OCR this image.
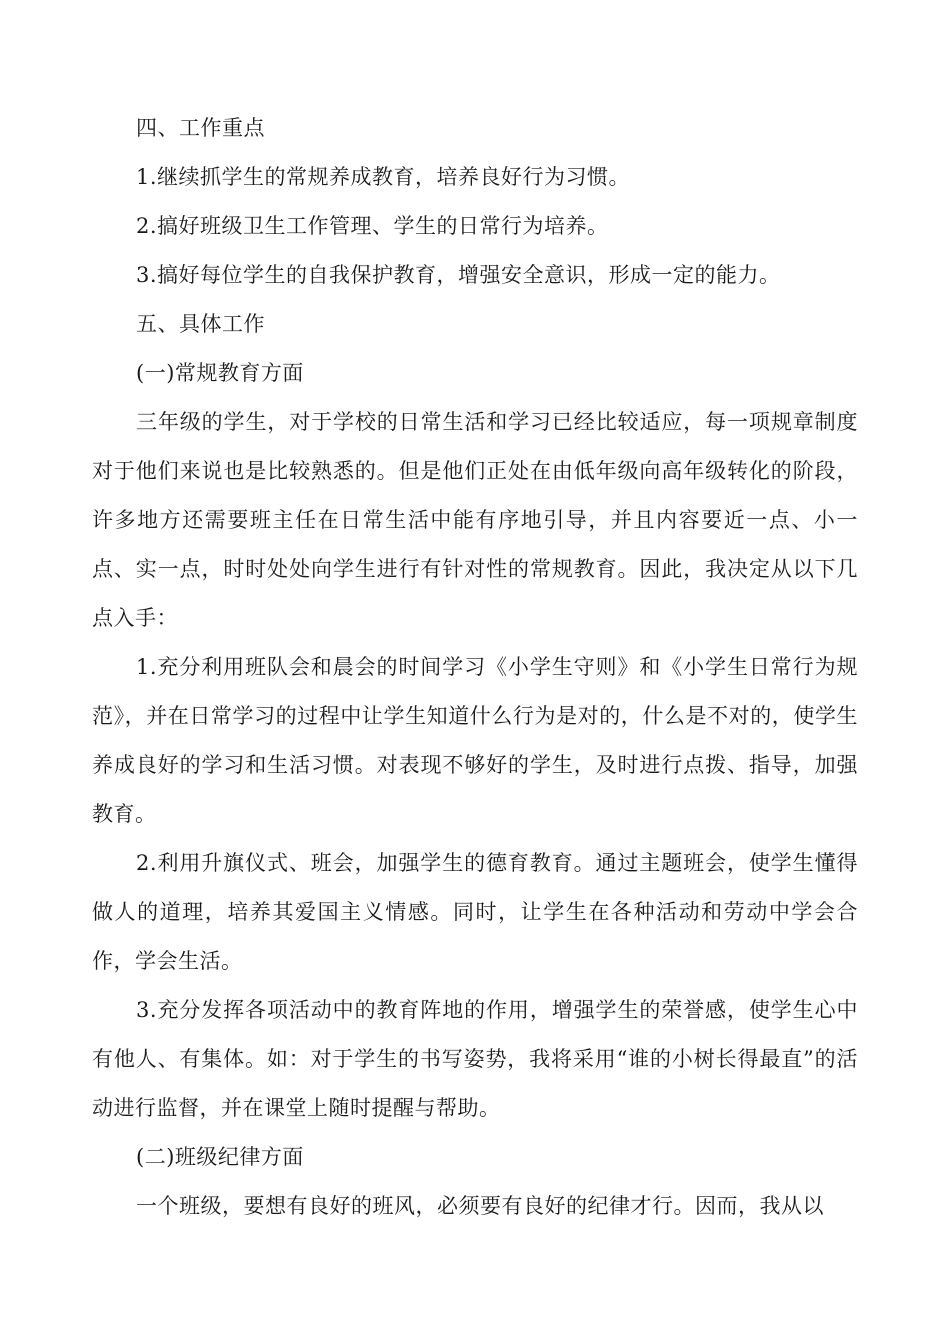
四、工作重点

1.继续抓学生的常规养成教育，培养良好行为习惯。

2.搞好班级卫生工作管理、学生的日常行为培养。

3.搞好每位学生的自我保护教育，增强安全意识，形成一定的能力。

五、具体工作

(一)常规教育方面

三年级的学生，对于学校的日常生活和学习已经比较适应，每一项规章制度对于他们来说也是比较熟悉的。但是他们正处在由低年级向高年级转化的阶段，许多地方还需要班主任在日常生活中能有序地引导，并且内容要近一点、小一点、实一点，时时处处向学生进行有针对性的常规教育。因此，我决定从以下几点入手：

1.充分利用班队会和晨会的时间学习《小学生守则》和《小学生日常行为规范》，并在日常学习的过程中让学生知道什么行为是对的，什么是不对的，使学生养成良好的学习和生活习惯。对表现不够好的学生，及时进行点拨、指导，加强教育。

2.利用升旗仪式、班会，加强学生的德育教育。通过主题班会，使学生懂得做人的道理，培养其爱国主义情感。同时，让学生在各种活动和劳动中学会合作，学会生活。

3.充分发挥各项活动中的教育阵地的作用，增强学生的荣誉感，使学生心中有他人、有集体。如：对于学生的书写姿势，我将采用“谁的小树长得最直”的活动进行监督，并在课堂上随时提醒与帮助。

(二)班级纪律方面

一个班级，要想有良好的班风，必须要有良好的纪律才行。因而，我从以
